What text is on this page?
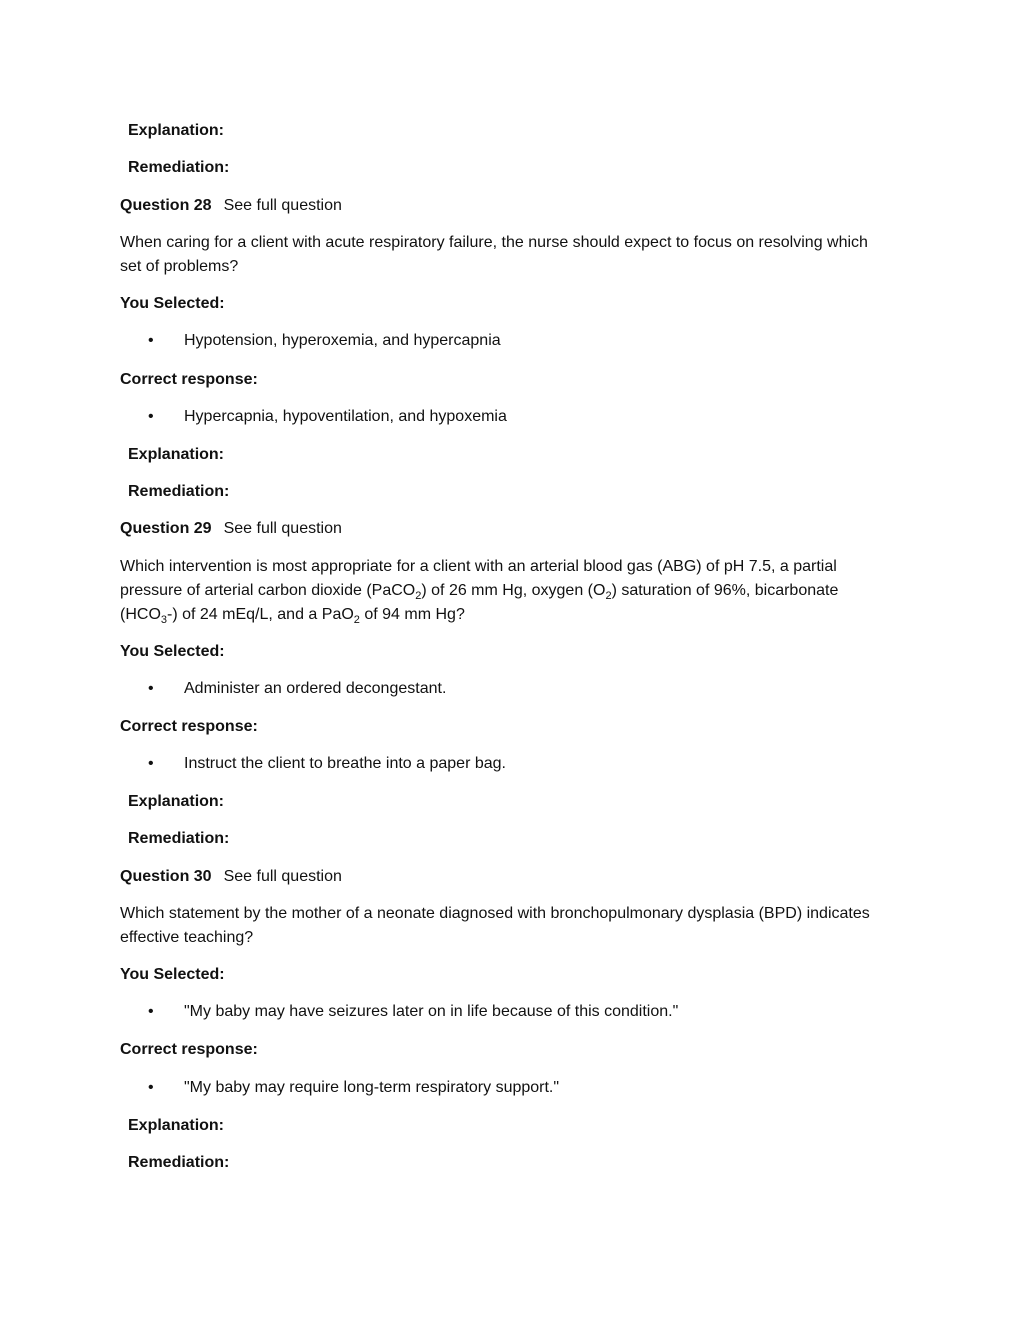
Explanation:
Remediation:
Question 28 See full question
When caring for a client with acute respiratory failure, the nurse should expect to focus on resolving which set of problems?
You Selected:
• Hypotension, hyperoxemia, and hypercapnia
Correct response:
• Hypercapnia, hypoventilation, and hypoxemia
Explanation:
Remediation:
Question 29 See full question
Which intervention is most appropriate for a client with an arterial blood gas (ABG) of pH 7.5, a partial pressure of arterial carbon dioxide (PaCO$_2$) of 26 mm Hg, oxygen $(O_2)$ saturation of 96%, bicarbonate $(HCO_3-)$ of 24 mEq/L, and a PaO$_2$ of 94 mm Hg?
You Selected:
• Administer an ordered decongestant.
Correct response:
• Instruct the client to breathe into a paper bag.
Explanation:
Remediation:
Question 30 See full question
Which statement by the mother of a neonate diagnosed with bronchopulmonary dysplasia (BPD) indicates effective teaching?
You Selected:
• "My baby may have seizures later on in life because of this condition."
Correct response:
• "My baby may require long-term respiratory support."
Explanation:
Remediation:
